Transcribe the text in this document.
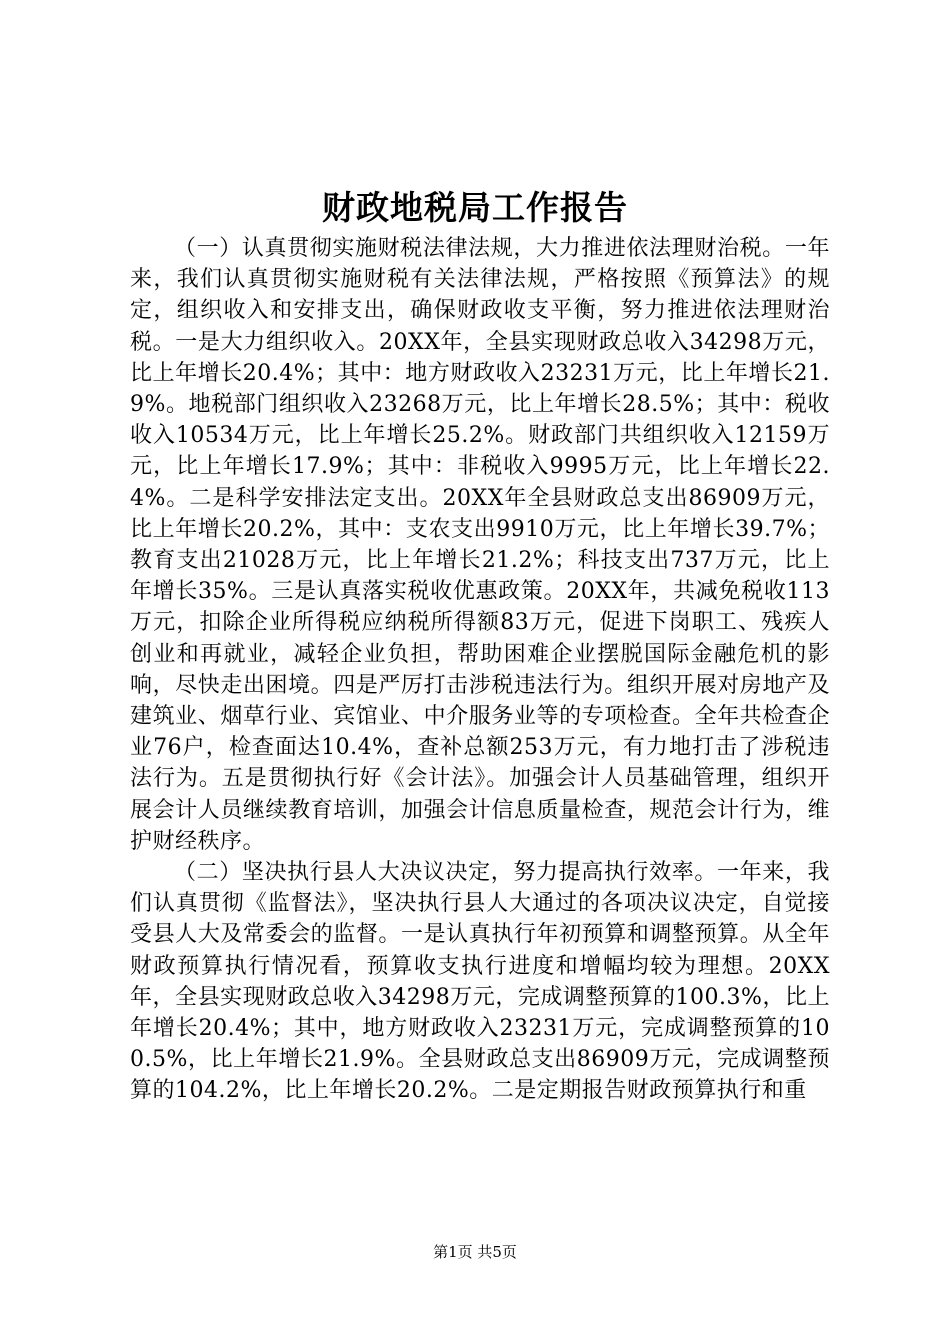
财政地税局工作报告

（一）认真贯彻实施财税法律法规，大力推进依法理财治税。一年来，我们认真贯彻实施财税有关法律法规，严格按照《预算法》的规定，组织收入和安排支出，确保财政收支平衡，努力推进依法理财治税。一是大力组织收入。20XX年，全县实现财政总收入34298万元，比上年增长20.4%；其中：地方财政收入23231万元，比上年增长21.9%。地税部门组织收入23268万元，比上年增长28.5%；其中：税收收入10534万元，比上年增长25.2%。财政部门共组织收入12159万元，比上年增长17.9%；其中：非税收入9995万元，比上年增长22.4%。二是科学安排法定支出。20XX年全县财政总支出86909万元，比上年增长20.2%，其中：支农支出9910万元，比上年增长39.7%；教育支出21028万元，比上年增长21.2%；科技支出737万元，比上年增长35%。三是认真落实税收优惠政策。20XX年，共减免税收113万元，扣除企业所得税应纳税所得额83万元，促进下岗职工、残疾人创业和再就业，减轻企业负担，帮助困难企业摆脱国际金融危机的影响，尽快走出困境。四是严厉打击涉税违法行为。组织开展对房地产及建筑业、烟草行业、宾馆业、中介服务业等的专项检查。全年共检查企业76户，检查面达10.4%，查补总额253万元，有力地打击了涉税违法行为。五是贯彻执行好《会计法》。加强会计人员基础管理，组织开展会计人员继续教育培训，加强会计信息质量检查，规范会计行为，维护财经秩序。

（二）坚决执行县人大决议决定，努力提高执行效率。一年来，我们认真贯彻《监督法》，坚决执行县人大通过的各项决议决定，自觉接受县人大及常委会的监督。一是认真执行年初预算和调整预算。从全年财政预算执行情况看，预算收支执行进度和增幅均较为理想。20XX年，全县实现财政总收入34298万元，完成调整预算的100.3%，比上年增长20.4%；其中，地方财政收入23231万元，完成调整预算的100.5%，比上年增长21.9%。全县财政总支出86909万元，完成调整预算的104.2%，比上年增长20.2%。二是定期报告财政预算执行和重

第1页 共5页
